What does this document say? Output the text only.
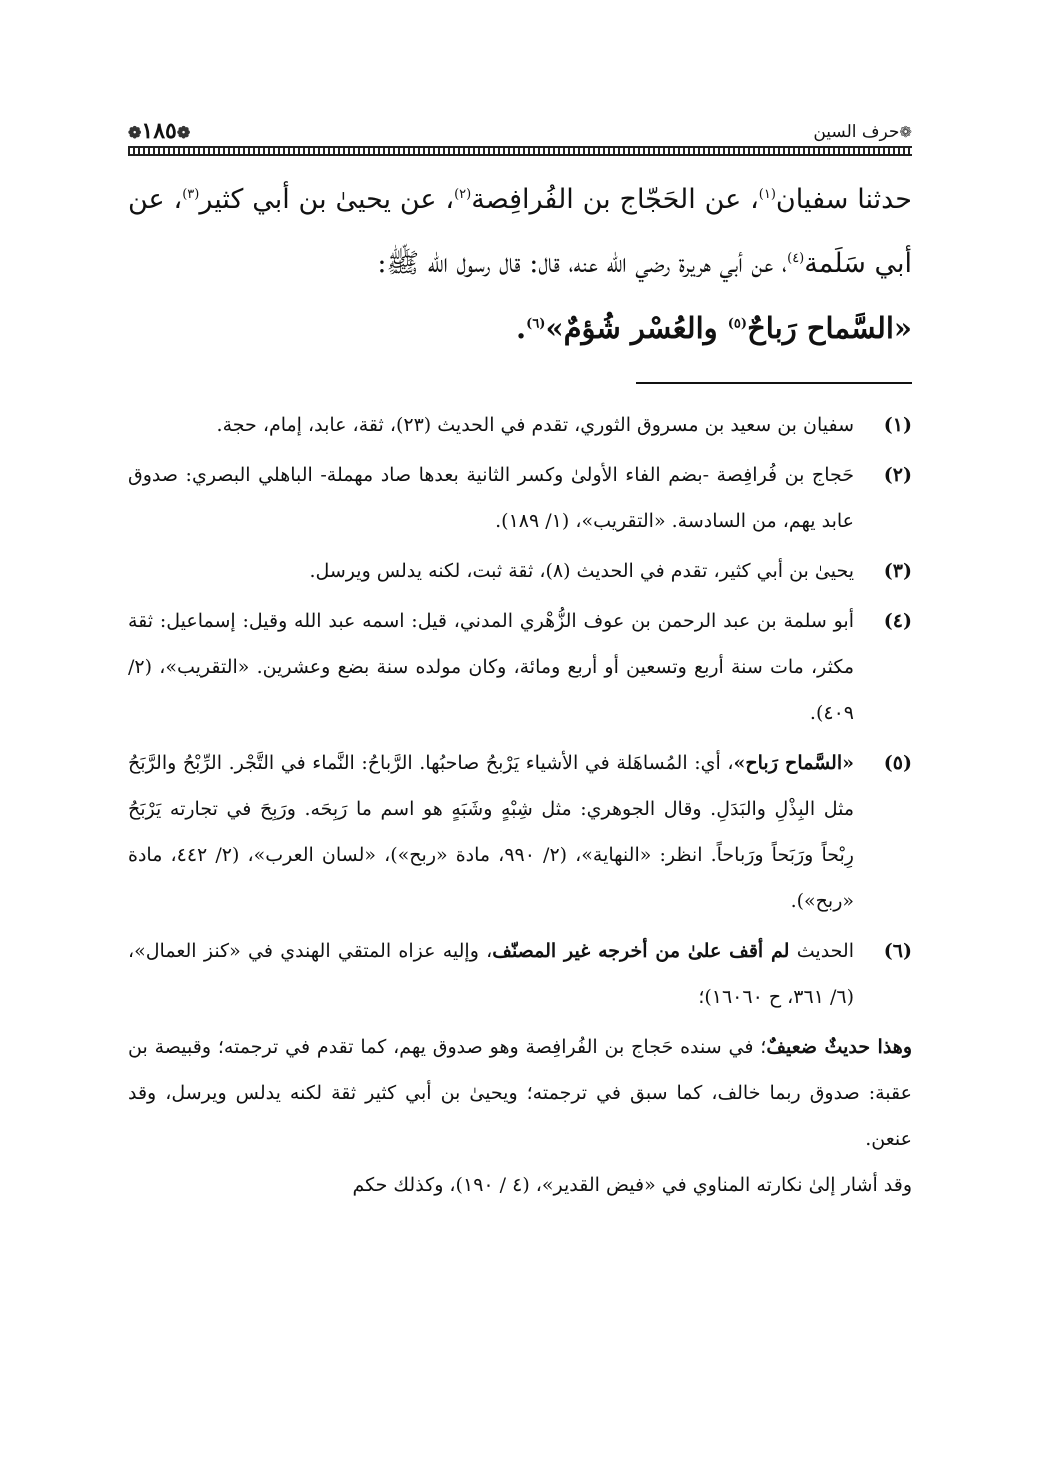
❁١٨٥❁	❁حرف السين

حدثنا سفيان$^{(١)}$، عن الحَجّاج بن الفُرافِصة$^{(٢)}$، عن يحيىٰ بن أبي كثير$^{(٣)}$، عن أبي سَلَمة$^{(٤)}$، عن أبي هريرة رضي الله عنه، قال: قال رسول الله ﷺ:

«السَّماح رَباحٌ$^{(٥)}$ والعُسْر شُؤمٌ»$^{(٦)}$.

(١)
سفيان بن سعيد بن مسروق الثوري، تقدم في الحديث (٢٣)، ثقة، عابد، إمام، حجة.
(٢)
حَجاج بن فُرافِصة -بضم الفاء الأولىٰ وكسر الثانية بعدها صاد مهملة- الباهلي البصري: صدوق عابد يهم، من السادسة. «التقريب»، (١/ ١٨٩).
(٣)
يحيىٰ بن أبي كثير، تقدم في الحديث (٨)، ثقة ثبت، لكنه يدلس ويرسل.
(٤)
أبو سلمة بن عبد الرحمن بن عوف الزُّهْري المدني، قيل: اسمه عبد الله وقيل: إسماعيل: ثقة مكثر، مات سنة أربع وتسعين أو أربع ومائة، وكان مولده سنة بضع وعشرين. «التقريب»، (٢/ ٤٠٩).
(٥)
«السَّماح رَباح»، أي: المُساهَلة في الأشياء يَرْبحُ صاحبُها. الرَّباحُ: النَّماء في التَّجْر. الرِّبْحُ والرَّبَحُ مثل البِذْلِ والبَدَلِ. وقال الجوهري: مثل شِبْهٍ وشَبَهٍ هو اسم ما رَبِحَه. ورَبِحَ في تجارته يَرْبَحُ رِبْحاً ورَبَحاً ورَباحاً. انظر: «النهاية»، (٢/ ٩٩٠، مادة «ربح»)، «لسان العرب»، (٢/ ٤٤٢، مادة «ربح»).
(٦)
الحديث لم أقف علىٰ من أخرجه غير المصنّف، وإليه عزاه المتقي الهندي في «كنز العمال»، (٦/ ٣٦١، ح ١٦٠٦٠)؛

وهذا حديثٌ ضعيفٌ؛ في سنده حَجاج بن الفُرافِصة وهو صدوق يهم، كما تقدم في ترجمته؛ وقبيصة بن عقبة: صدوق ربما خالف، كما سبق في ترجمته؛ ويحيىٰ بن أبي كثير ثقة لكنه يدلس ويرسل، وقد عنعن.

وقد أشار إلىٰ نكارته المناوي في «فيض القدير»، (٤ / ١٩٠)، وكذلك حكم
